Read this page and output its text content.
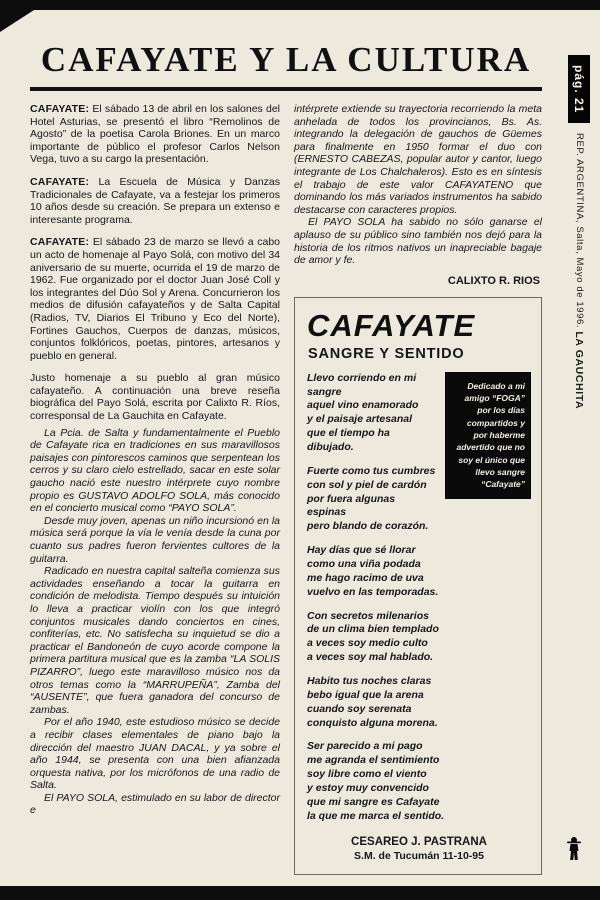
pág. 21
REP. ARGENTINA, Salta, Mayo de 1996. LA GAUCHITA
CAFAYATE Y LA CULTURA

CAFAYATE: El sábado 13 de abril en los salones del Hotel Asturias, se presentó el libro “Remolinos de Agosto” de la poetisa Carola Briones. En un marco importante de público el profesor Carlos Nelson Vega, tuvo a su cargo la presentación.

CAFAYATE: La Escuela de Música y Danzas Tradicionales de Cafayate, va a festejar los primeros 10 años desde su creación. Se prepara un extenso e interesante programa.

CAFAYATE: El sábado 23 de marzo se llevó a cabo un acto de homenaje al Payo Solá, con motivo del 34 aniversario de su muerte, ocurrida el 19 de marzo de 1962. Fue organizado por el doctor Juan José Coll y los integrantes del Dúo Sol y Arena. Concurrieron los medios de difusión cafayateños y de Salta Capital (Radios, TV, Diarios El Tribuno y Eco del Norte), Fortines Gauchos, Cuerpos de danzas, músicos, conjuntos folklóricos, poetas, pintores, artesanos y pueblo en general.

Justo homenaje a su pueblo al gran músico cafayateño. A continuación una breve reseña biográfica del Payo Solá, escrita por Calixto R. Ríos, corresponsal de La Gauchita en Cafayate.

La Pcia. de Salta y fundamentalmente el Pueblo de Cafayate rica en tradiciones en sus maravillosos paisajes con pintorescos caminos que serpentean los cerros y su claro cielo estrellado, sacar en este solar gaucho nació este nuestro intérprete cuyo nombre propio es GUSTAVO ADOLFO SOLA, más conocido en el concierto musical como “PAYO SOLA”.

Desde muy joven, apenas un niño incursionó en la música será porque la vía le venía desde la cuna por cuanto sus padres fueron fervientes cultores de la guitarra.

Radicado en nuestra capital salteña comienza sus actividades enseñando a tocar la guitarra en condición de melodista. Tiempo después su intuición lo lleva a practicar violín con los que integró conjuntos musicales dando conciertos en cines, confiterías, etc. No satisfecha su inquietud se dio a practicar el Bandoneón de cuyo acorde compone la primera partitura musical que es la zamba “LA SOLIS PIZARRO”, luego este maravilloso músico nos da otros temas como la “MARRUPEÑA”, Zamba del “AUSENTE”, que fuera ganadora del concurso de zambas.

Por el año 1940, este estudioso músico se decide a recibir clases elementales de piano bajo la dirección del maestro JUAN DACAL, y ya sobre el año 1944, se presenta con una bien afianzada orquesta nativa, por los micrófonos de una radio de Salta.

El PAYO SOLA, estimulado en su labor de director e

intérprete extiende su trayectoria recorriendo la meta anhelada de todos los provincianos, Bs. As. integrando la delegación de gauchos de Güemes para finalmente en 1950 formar el duo con (ERNESTO CABEZAS, popular autor y cantor, luego integrante de Los Chalchaleros). Esto es en síntesis el trabajo de este valor CAFAYATENO que dominando los más variados instrumentos ha sabido destacarse con caracteres propios.

El PAYO SOLA ha sabido no sólo ganarse el aplauso de su público sino también nos dejó para la historia de los ritmos nativos un inapreciable bagaje de amor y fe.

CALIXTO R. RIOS

CAFAYATE
SANGRE Y SENTIDO
Dedicado a mi amigo “FOGA” por los días compartidos y por haberme advertido que no soy el único que llevo sangre “Cafayate”

Llevo corriendo en mi sangre

aquel vino enamorado

y el paisaje artesanal

que el tiempo ha dibujado.

Fuerte como tus cumbres

con sol y piel de cardón

por fuera algunas espinas

pero blando de corazón.

Hay días que sé llorar

como una viña podada

me hago racimo de uva

vuelvo en las temporadas.

Con secretos milenarios

de un clima bien templado

a veces soy medio culto

a veces soy mal hablado.

Habito tus noches claras

bebo igual que la arena

cuando soy serenata

conquisto alguna morena.

Ser parecido a mi pago

me agranda el sentimiento

soy libre como el viento

y estoy muy convencido

que mi sangre es Cafayate

la que me marca el sentido.

CESAREO J. PASTRANA

S.M. de Tucumán 11-10-95
